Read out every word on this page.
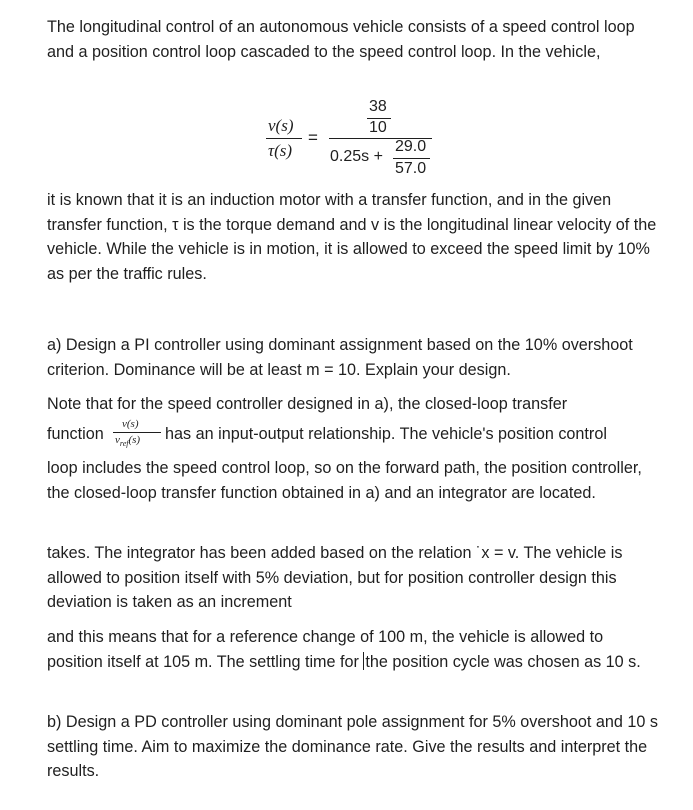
The longitudinal control of an autonomous vehicle consists of a speed control loop and a position control loop cascaded to the speed control loop. In the vehicle,

v(s)
τ(s)
=
38
10
0.25s +
29.0
57.0

it is known that it is an induction motor with a transfer function, and in the given transfer function, τ is the torque demand and v is the longitudinal linear velocity of the vehicle. While the vehicle is in motion, it is allowed to exceed the speed limit by 10% as per the traffic rules.

a) Design a PI controller using dominant assignment based on the 10% overshoot criterion. Dominance will be at least m = 10. Explain your design.

Note that for the speed controller designed in a), the closed-loop transfer

function
v(s)
$v_{ref}(s)$ has an input-output relationship. The vehicle's position control

loop includes the speed control loop, so on the forward path, the position controller, the closed-loop transfer function obtained in a) and an integrator are located.

takes. The integrator has been added based on the relation ˙x = v. The vehicle is allowed to position itself with 5% deviation, but for position controller design this deviation is taken as an increment

and this means that for a reference change of 100 m, the vehicle is allowed to position itself at 105 m. The settling time for the position cycle was chosen as 10 s.

b) Design a PD controller using dominant pole assignment for 5% overshoot and 10 s settling time. Aim to maximize the dominance rate. Give the results and interpret the results.
